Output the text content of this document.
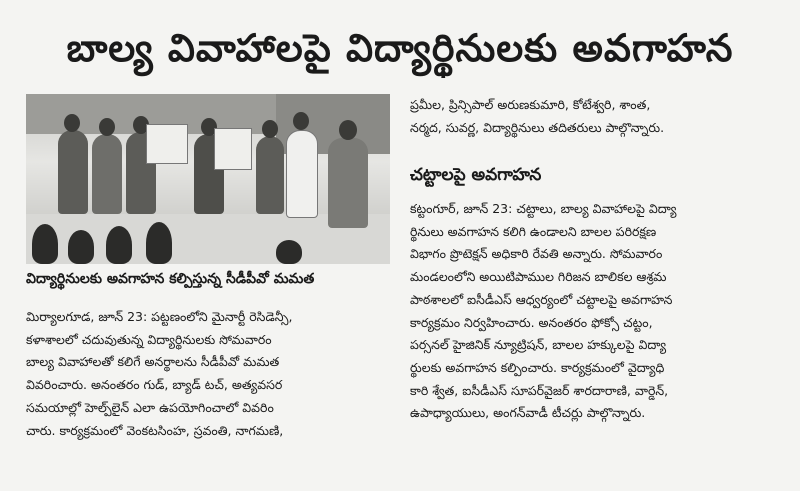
బాల్య వివాహాలపై విద్యార్థినులకు అవగాహన
విద్యార్థినులకు అవగాహన కల్పిస్తున్న సీడీపీవో మమత

మిర్యాలగూడ, జూన్ 23: పట్టణంలోని మైనార్టీ రెసిడెన్సీ,

కళాశాలలో చదువుతున్న విద్యార్థినులకు సోమవారం

బాల్య వివాహాలతో కలిగే అనర్థాలను సీడీపీవో మమత

వివరించారు. అనంతరం గుడ్, బ్యాడ్ టచ్, అత్యవసర

సమయాల్లో హెల్ప్‌లైన్ ఎలా ఉపయోగించాలో వివరిం

చారు. కార్యక్రమంలో వెంకటసింహ, స్రవంతి, నాగమణి,

ప్రమీల, ప్రిన్సిపాల్ అరుణకుమారి, కోటేశ్వరి, శాంత,

నర్మద, సువర్ణ, విద్యార్థినులు తదితరులు పాల్గొన్నారు.

చట్టాలపై అవగాహన

కట్టంగూర్, జూన్ 23: చట్టాలు, బాల్య వివాహాలపై విద్యా

ర్థినులు అవగాహన కలిగి ఉండాలని బాలల పరిరక్షణ

విభాగం ప్రొటెక్షన్ అధికారి రేవతి అన్నారు. సోమవారం

మండలంలోని అయిటిపాముల గిరిజన బాలికల ఆశ్రమ

పాఠశాలలో ఐసీడీఎస్ ఆధ్వర్యంలో చట్టాలపై అవగాహన

కార్యక్రమం నిర్వహించారు. అనంతరం ఫోక్సో చట్టం,

పర్సనల్ హైజినిక్ న్యూట్రిషన్, బాలల హక్కులపై విద్యా

ర్థులకు అవగాహన కల్పించారు. కార్యక్రమంలో వైద్యాధి

కారి శ్వేత, ఐసీడీఎస్ సూపర్‌వైజర్ శారదారాణి, వార్డెన్,

ఉపాధ్యాయులు, అంగన్‌వాడీ టీచర్లు పాల్గొన్నారు.
